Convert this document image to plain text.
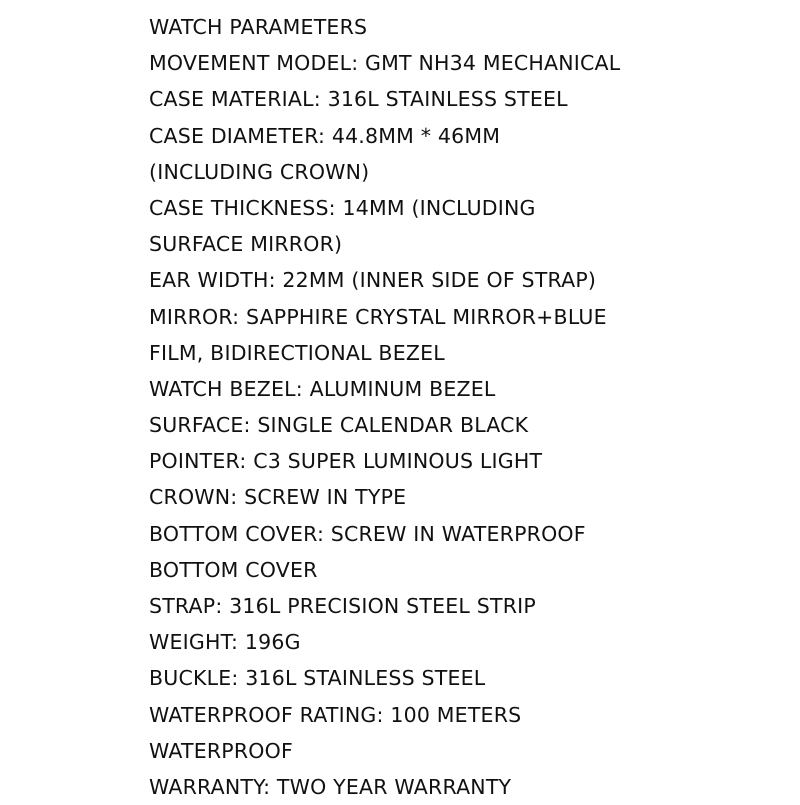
WATCH PARAMETERS
MOVEMENT MODEL: GMT NH34 MECHANICAL
CASE MATERIAL: 316L STAINLESS STEEL
CASE DIAMETER: 44.8MM * 46MM
(INCLUDING CROWN)
CASE THICKNESS: 14MM (INCLUDING
SURFACE MIRROR)
EAR WIDTH: 22MM (INNER SIDE OF STRAP)
MIRROR: SAPPHIRE CRYSTAL MIRROR+BLUE
FILM, BIDIRECTIONAL BEZEL
WATCH BEZEL: ALUMINUM BEZEL
SURFACE: SINGLE CALENDAR BLACK
POINTER: C3 SUPER LUMINOUS LIGHT
CROWN: SCREW IN TYPE
BOTTOM COVER: SCREW IN WATERPROOF
BOTTOM COVER
STRAP: 316L PRECISION STEEL STRIP
WEIGHT: 196G
BUCKLE: 316L STAINLESS STEEL
WATERPROOF RATING: 100 METERS
WATERPROOF
WARRANTY: TWO YEAR WARRANTY
